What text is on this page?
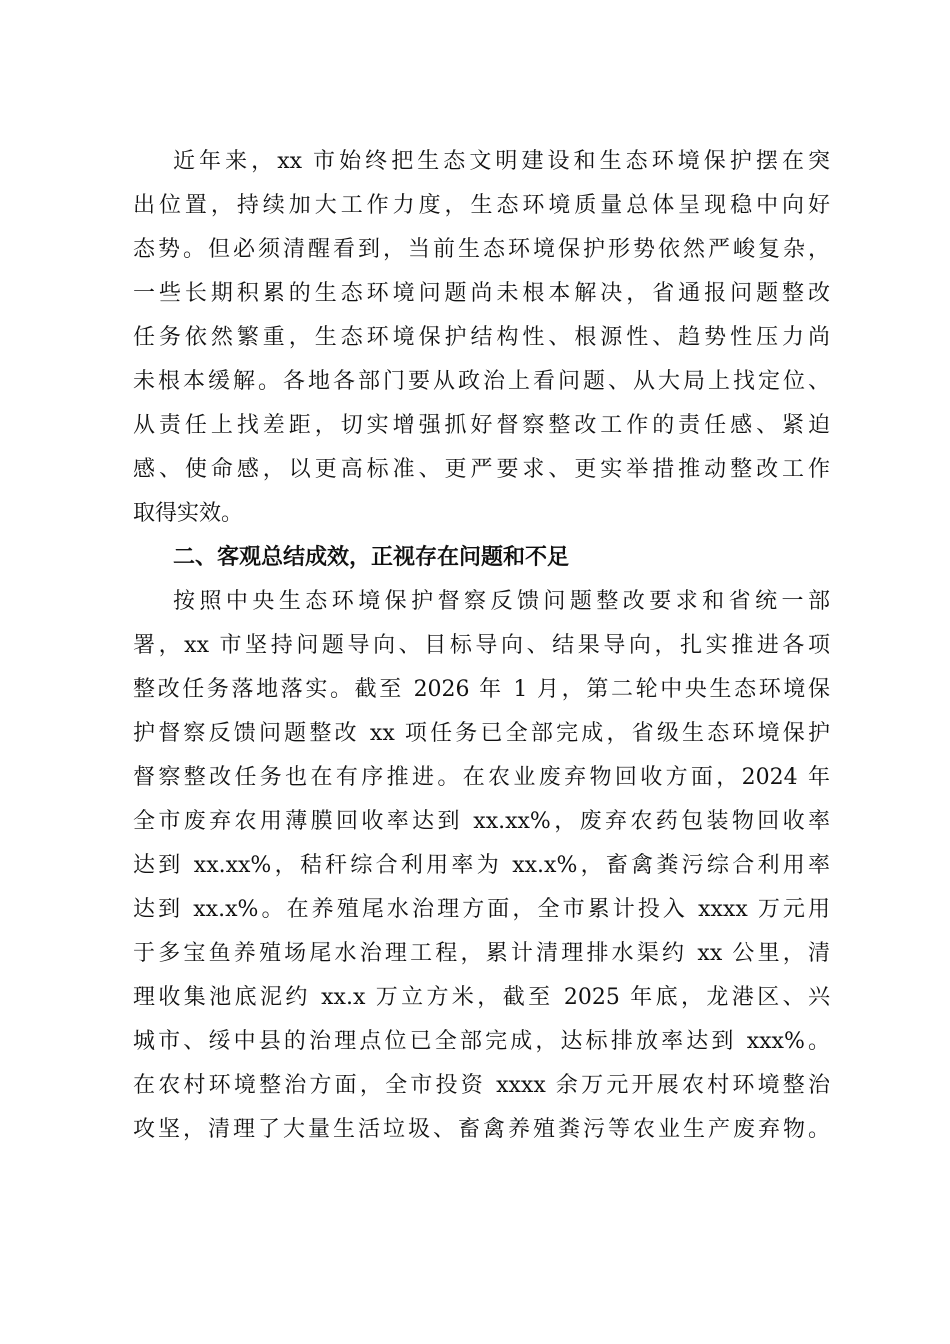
近年来，xx 市始终把生态文明建设和生态环境保护摆在突
出位置，持续加大工作力度，生态环境质量总体呈现稳中向好
态势。但必须清醒看到，当前生态环境保护形势依然严峻复杂，
一些长期积累的生态环境问题尚未根本解决，省通报问题整改
任务依然繁重，生态环境保护结构性、根源性、趋势性压力尚
未根本缓解。各地各部门要从政治上看问题、从大局上找定位、
从责任上找差距，切实增强抓好督察整改工作的责任感、紧迫
感、使命感，以更高标准、更严要求、更实举措推动整改工作
取得实效。
二、客观总结成效，正视存在问题和不足
按照中央生态环境保护督察反馈问题整改要求和省统一部
署，xx 市坚持问题导向、目标导向、结果导向，扎实推进各项
整改任务落地落实。截至 2026 年 1 月，第二轮中央生态环境保
护督察反馈问题整改 xx 项任务已全部完成，省级生态环境保护
督察整改任务也在有序推进。在农业废弃物回收方面，2024 年
全市废弃农用薄膜回收率达到 xx.xx%，废弃农药包装物回收率
达到 xx.xx%，秸秆综合利用率为 xx.x%，畜禽粪污综合利用率
达到 xx.x%。在养殖尾水治理方面，全市累计投入 xxxx 万元用
于多宝鱼养殖场尾水治理工程，累计清理排水渠约 xx 公里，清
理收集池底泥约 xx.x 万立方米，截至 2025 年底，龙港区、兴
城市、绥中县的治理点位已全部完成，达标排放率达到 xxx%。
在农村环境整治方面，全市投资 xxxx 余万元开展农村环境整治
攻坚，清理了大量生活垃圾、畜禽养殖粪污等农业生产废弃物。
